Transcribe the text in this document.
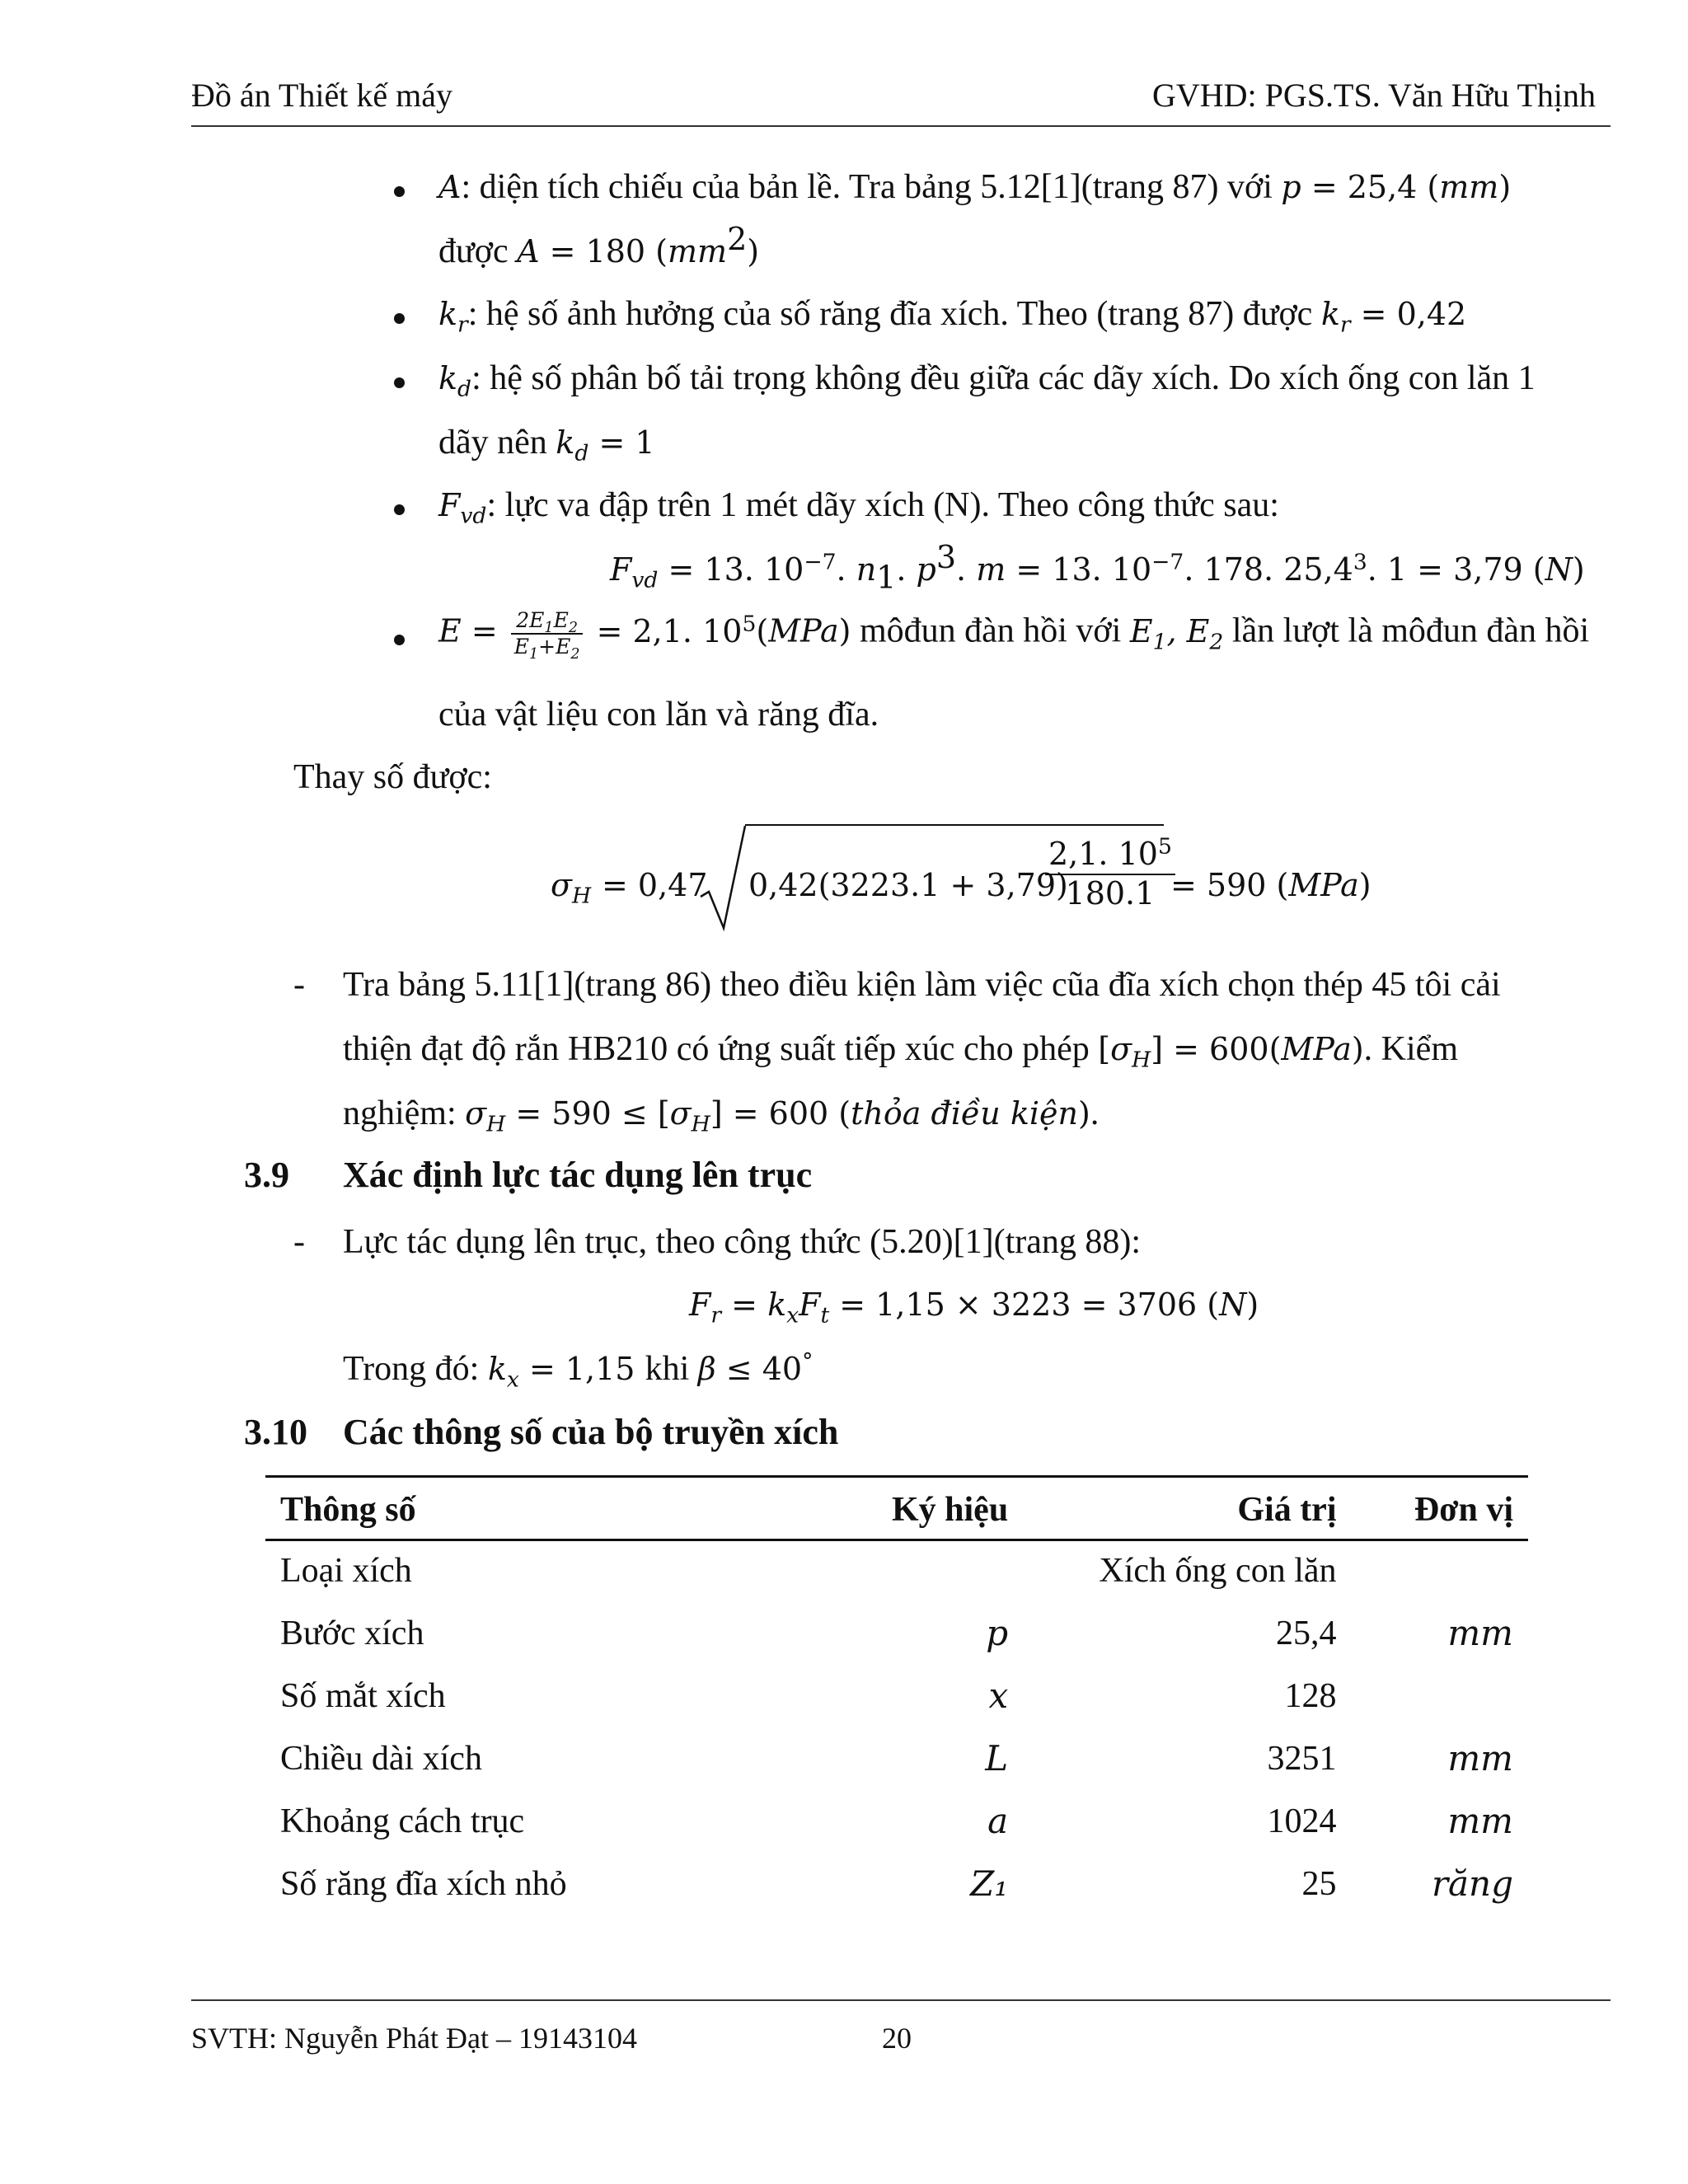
Đồ án Thiết kế máy	GVHD: PGS.TS. Văn Hữu Thịnh
A: diện tích chiếu của bản lề. Tra bảng 5.12[1](trang 87) với p = 25,4 (mm)
được A = 180 $(mm^2)$
$k_r$: hệ số ảnh hưởng của số răng đĩa xích. Theo (trang 87) được $k_r = 0,42$
$k_d$: hệ số phân bố tải trọng không đều giữa các dãy xích. Do xích ống con lăn 1
dãy nên $k_d = 1$
$F_{vd}$: lực va đập trên 1 mét dãy xích (N). Theo công thức sau:
$F_{vd} = 13$. $10^{-7}$. $n_1$. $p^3$. m = 13. $10^{-7}$. 178. 25,4$^3$. 1 = 3,79 (N)
$E = \frac{2E_1E_2}{E_1+E_2} = 2,1$. $10^5(MPa)$ môđun đàn hồi với $E_1$, $E_2$ lần lượt là môđun đàn hồi
của vật liệu con lăn và răng đĩa.
Thay số được:
$\sigma_H = 0,47$ 0,42(3223.1 + 3,79)
$\frac{2,1. 10^5}{180.1}$
= 590 (MPa)
- Tra bảng 5.11[1](trang 86) theo điều kiện làm việc cũa đĩa xích chọn thép 45 tôi cải
thiện đạt độ rắn HB210 có ứng suất tiếp xúc cho phép $[\sigma_H] = 600(MPa)$. Kiểm
nghiệm: $\sigma_H = 590 \le [\sigma_H] = 600$ (thỏa điều kiện).
3.9 Xác định lực tác dụng lên trục
- Lực tác dụng lên trục, theo công thức (5.20)[1](trang 88):
$F_r = k_xF_t = 1,15 \times 3223 = 3706$ (N)
Trong đó: $k_x = 1,15$ khi β ≤ 40°
3.10 Các thông số của bộ truyền xích
Thông số	Ký hiệu	Giá trị	Đơn vị
Loại xích		Xích ống con lăn	
Bước xích	p	25,4	mm
Số mắt xích	x	128	
Chiều dài xích	L	3251	mm
Khoảng cách trục	a	1024	mm
Số răng đĩa xích nhỏ	Z₁	25	răng
SVTH: Nguyễn Phát Đạt – 19143104	20
